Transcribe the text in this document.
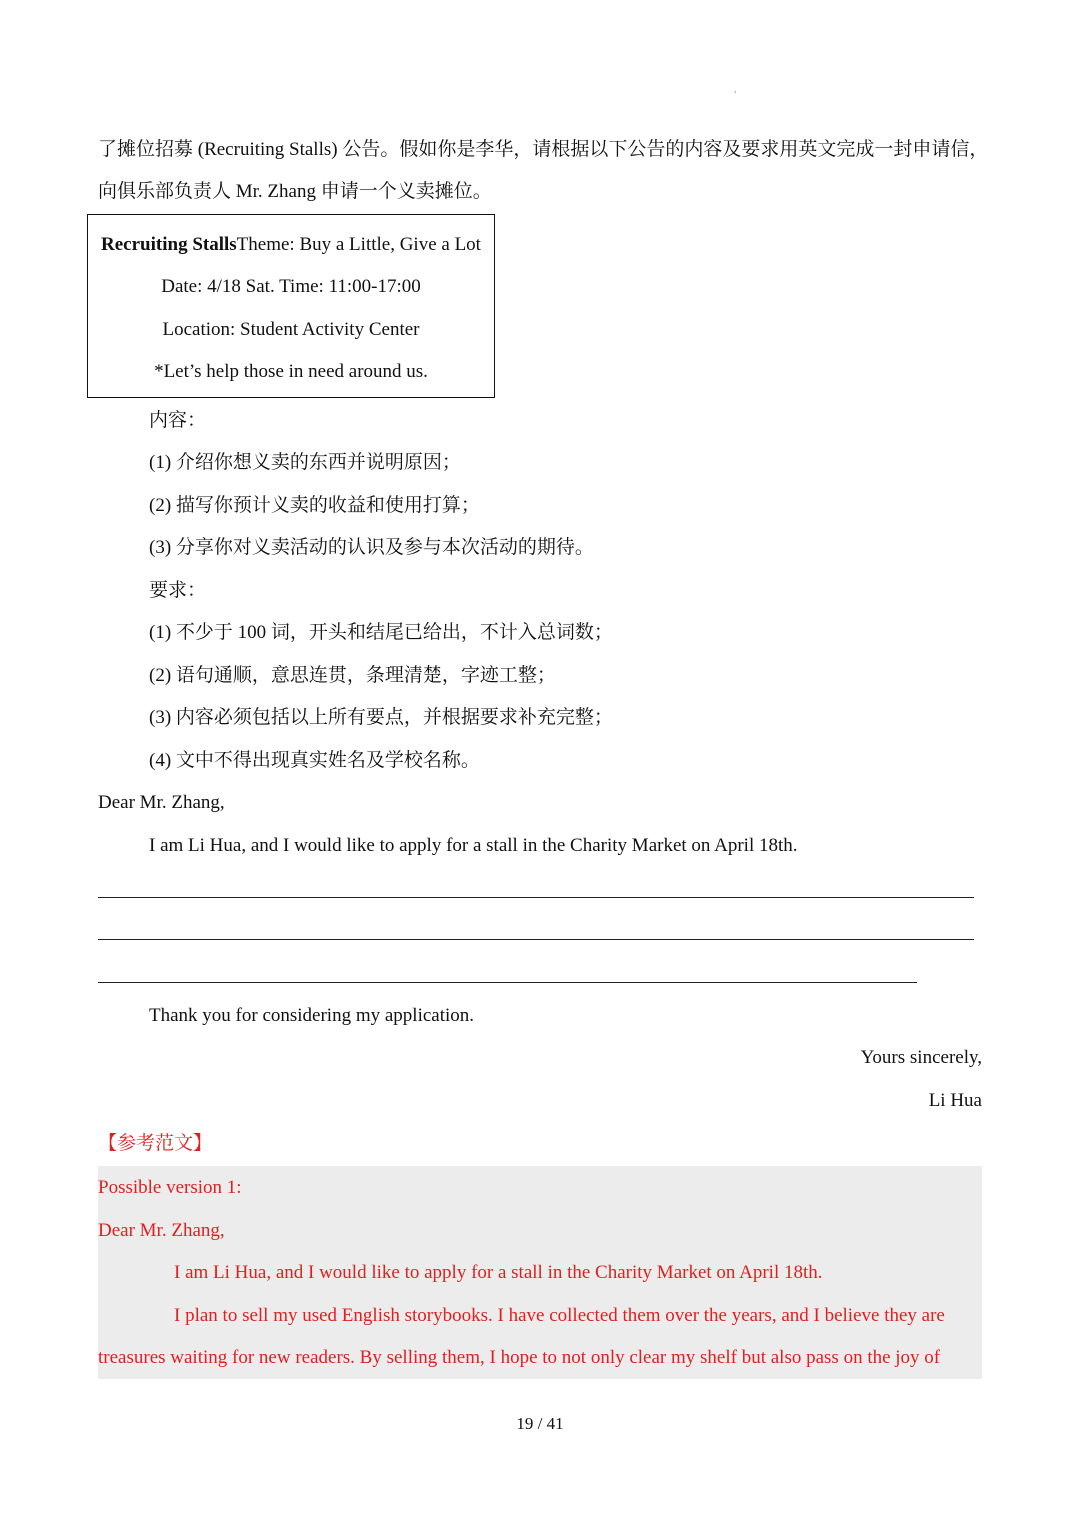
,
了摊位招募 (Recruiting Stalls) 公告。假如你是李华，请根据以下公告的内容及要求用英文完成一封申请信，
向俱乐部负责人 Mr. Zhang 申请一个义卖摊位。
Recruiting StallsTheme: Buy a Little, Give a Lot
Date: 4/18 Sat. Time: 11:00-17:00
Location: Student Activity Center
*Let’s help those in need around us.
内容：
(1) 介绍你想义卖的东西并说明原因；
(2) 描写你预计义卖的收益和使用打算；
(3) 分享你对义卖活动的认识及参与本次活动的期待。
要求：
(1) 不少于 100 词，开头和结尾已给出，不计入总词数；
(2) 语句通顺，意思连贯，条理清楚，字迹工整；
(3) 内容必须包括以上所有要点，并根据要求补充完整；
(4) 文中不得出现真实姓名及学校名称。
Dear Mr. Zhang,
I am Li Hua, and I would like to apply for a stall in the Charity Market on April 18th.
Thank you for considering my application.
Yours sincerely,
Li Hua
【参考范文】
Possible version 1:
Dear Mr. Zhang,
I am Li Hua, and I would like to apply for a stall in the Charity Market on April 18th.
I plan to sell my used English storybooks. I have collected them over the years, and I believe they are
treasures waiting for new readers. By selling them, I hope to not only clear my shelf but also pass on the joy of
19 / 41
